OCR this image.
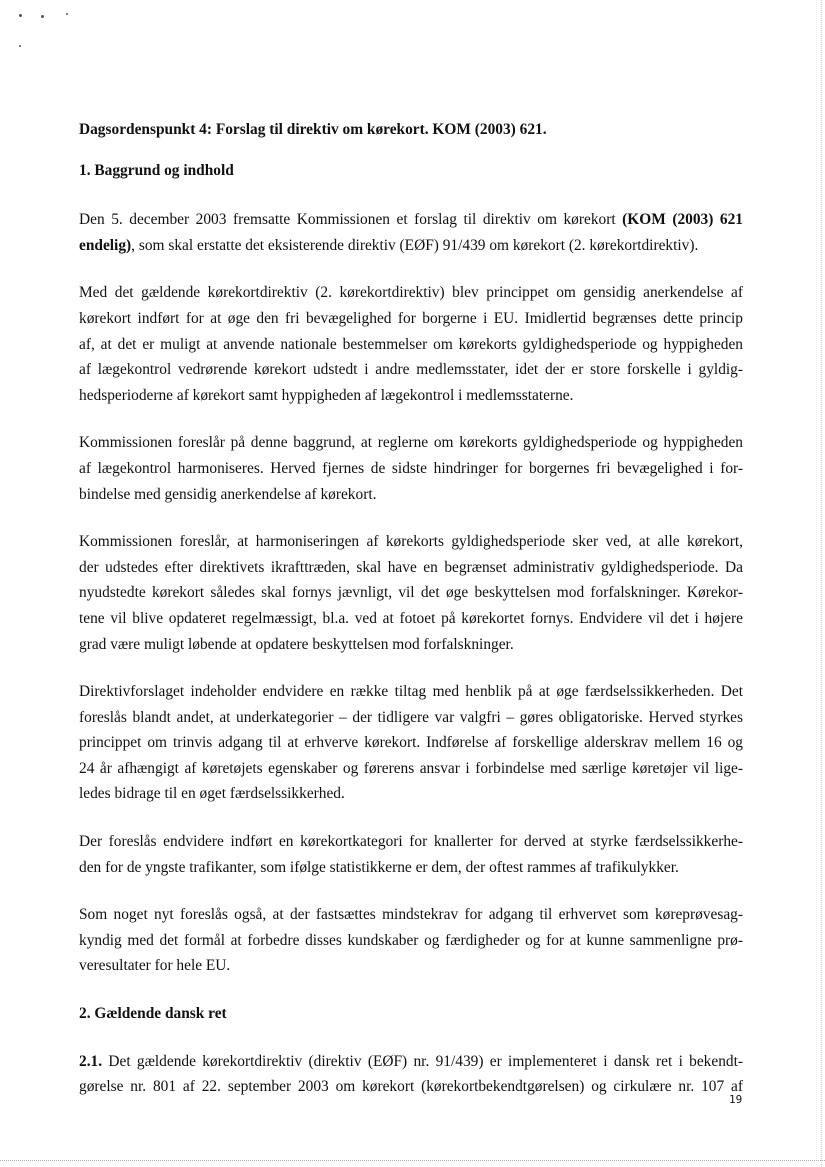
Dagsordenspunkt 4: Forslag til direktiv om kørekort. KOM (2003) 621.
1. Baggrund og indhold

Den 5. december 2003 fremsatte Kommissionen et forslag til direktiv om kørekort (KOM (2003) 621
endelig), som skal erstatte det eksisterende direktiv (EØF) 91/439 om kørekort (2. kørekortdirektiv).

Med det gældende kørekortdirektiv (2. kørekortdirektiv) blev princippet om gensidig anerkendelse af
kørekort indført for at øge den fri bevægelighed for borgerne i EU. Imidlertid begrænses dette princip
af, at det er muligt at anvende nationale bestemmelser om kørekorts gyldighedsperiode og hyppigheden
af lægekontrol vedrørende kørekort udstedt i andre medlemsstater, idet der er store forskelle i gyldig-
hedsperioderne af kørekort samt hyppigheden af lægekontrol i medlemsstaterne.

Kommissionen foreslår på denne baggrund, at reglerne om kørekorts gyldighedsperiode og hyppigheden
af lægekontrol harmoniseres. Herved fjernes de sidste hindringer for borgernes fri bevægelighed i for-
bindelse med gensidig anerkendelse af kørekort.

Kommissionen foreslår, at harmoniseringen af kørekorts gyldighedsperiode sker ved, at alle kørekort,
der udstedes efter direktivets ikrafttræden, skal have en begrænset administrativ gyldighedsperiode. Da
nyudstedte kørekort således skal fornys jævnligt, vil det øge beskyttelsen mod forfalskninger. Kørekor-
tene vil blive opdateret regelmæssigt, bl.a. ved at fotoet på kørekortet fornys. Endvidere vil det i højere
grad være muligt løbende at opdatere beskyttelsen mod forfalskninger.

Direktivforslaget indeholder endvidere en række tiltag med henblik på at øge færdselssikkerheden. Det
foreslås blandt andet, at underkategorier – der tidligere var valgfri – gøres obligatoriske. Herved styrkes
princippet om trinvis adgang til at erhverve kørekort. Indførelse af forskellige alderskrav mellem 16 og
24 år afhængigt af køretøjets egenskaber og førerens ansvar i forbindelse med særlige køretøjer vil lige-
ledes bidrage til en øget færdselssikkerhed.

Der foreslås endvidere indført en kørekortkategori for knallerter for derved at styrke færdselssikkerhe-
den for de yngste trafikanter, som ifølge statistikkerne er dem, der oftest rammes af trafikulykker.

Som noget nyt foreslås også, at der fastsættes mindstekrav for adgang til erhvervet som køreprøvesag-
kyndig med det formål at forbedre disses kundskaber og færdigheder og for at kunne sammenligne prø-
veresultater for hele EU.

2. Gældende dansk ret

2.1. Det gældende kørekortdirektiv (direktiv (EØF) nr. 91/439) er implementeret i dansk ret i bekendt-
gørelse nr. 801 af 22. september 2003 om kørekort (kørekortbekendtgørelsen) og cirkulære nr. 107 af

19
